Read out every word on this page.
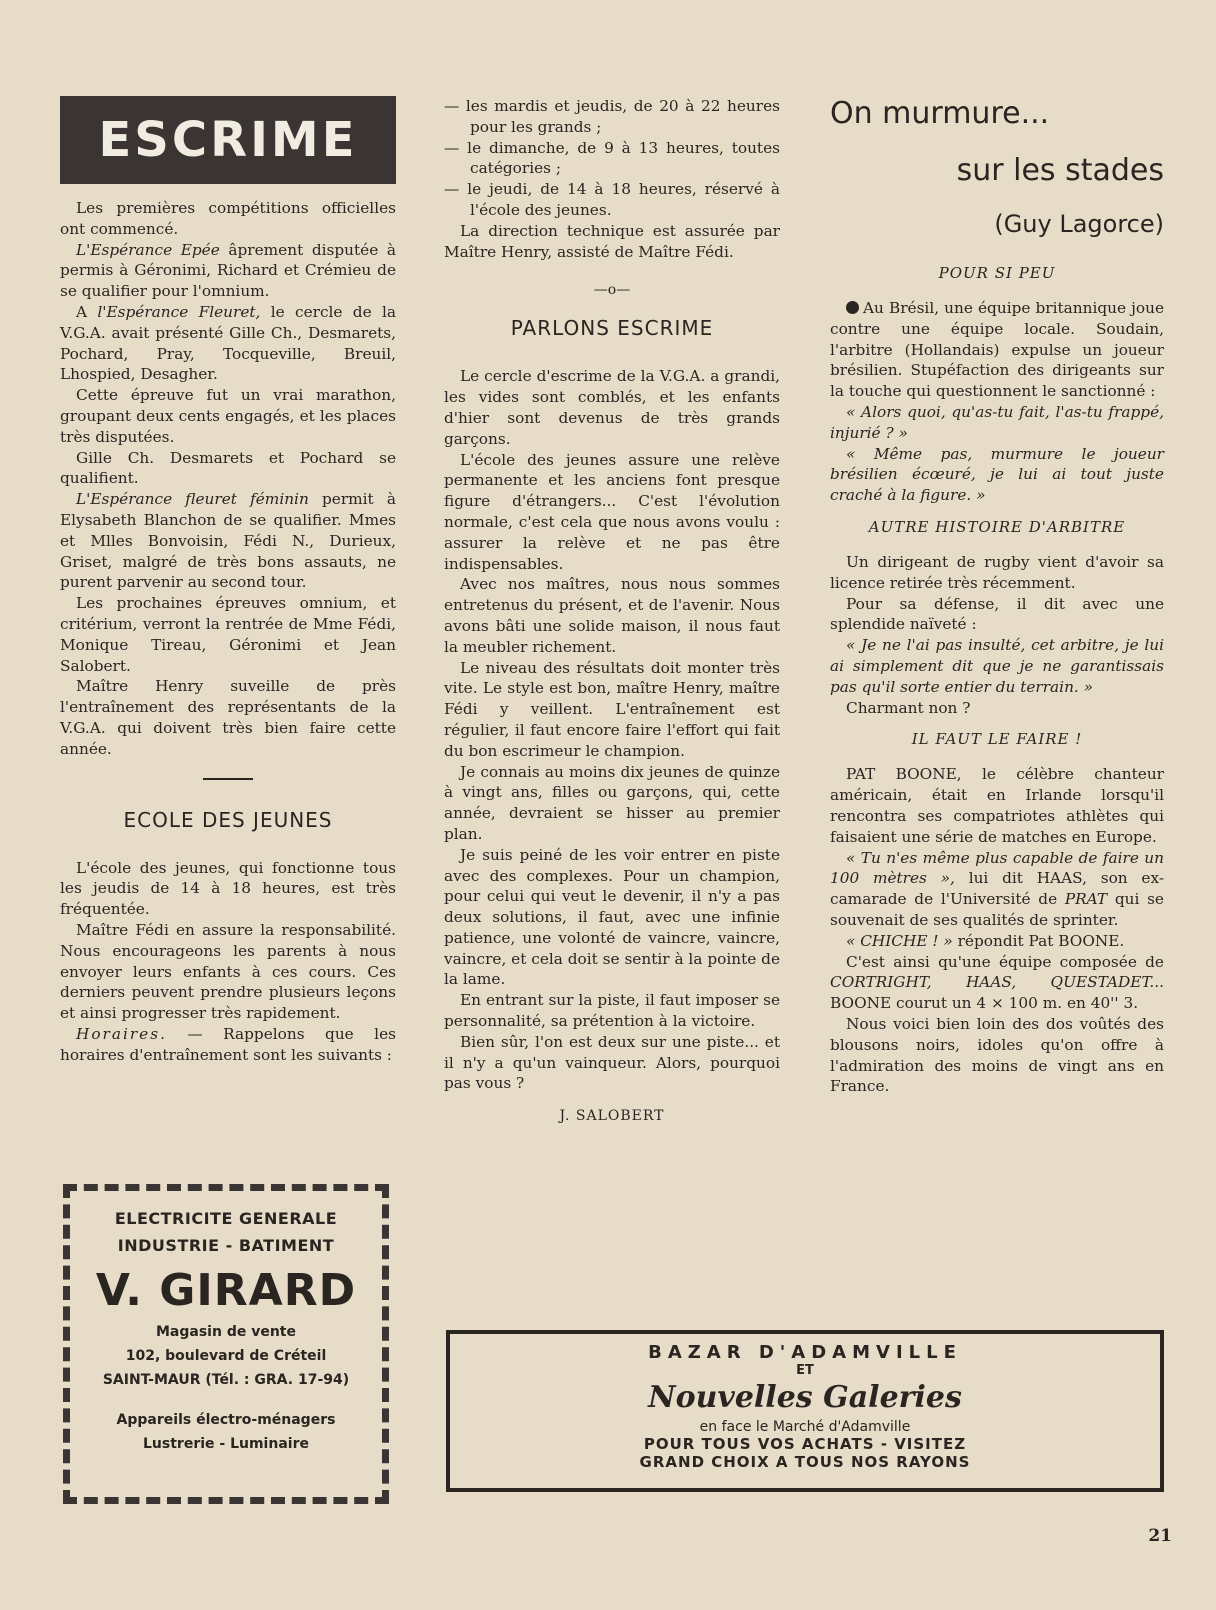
ESCRIME

Les premières compétitions officielles ont commencé.

L'Espérance Epée âprement disputée à permis à Géronimi, Richard et Crémieu de se qualifier pour l'omnium.

A l'Espérance Fleuret, le cercle de la V.G.A. avait présenté Gille Ch., Desmarets, Pochard, Pray, Tocqueville, Breuil, Lhospied, Desagher.

Cette épreuve fut un vrai marathon, groupant deux cents engagés, et les places très disputées.

Gille Ch. Desmarets et Pochard se qualifient.

L'Espérance fleuret féminin permit à Elysabeth Blanchon de se qualifier. Mmes et Mlles Bonvoisin, Fédi N., Durieux, Griset, malgré de très bons assauts, ne purent parvenir au second tour.

Les prochaines épreuves omnium, et critérium, verront la rentrée de Mme Fédi, Monique Tireau, Géronimi et Jean Salobert.

Maître Henry suveille de près l'entraînement des représentants de la V.G.A. qui doivent très bien faire cette année.

ECOLE DES JEUNES

L'école des jeunes, qui fonctionne tous les jeudis de 14 à 18 heures, est très fréquentée.

Maître Fédi en assure la responsabilité. Nous encourageons les parents à nous envoyer leurs enfants à ces cours. Ces derniers peuvent prendre plusieurs leçons et ainsi progresser très rapidement.

Horaires. — Rappelons que les horaires d'entraînement sont les suivants :

— les mardis et jeudis, de 20 à 22 heures pour les grands ;

— le dimanche, de 9 à 13 heures, toutes catégories ;

— le jeudi, de 14 à 18 heures, réservé à l'école des jeunes.

La direction technique est assurée par Maître Henry, assisté de Maître Fédi.

—o—
PARLONS ESCRIME

Le cercle d'escrime de la V.G.A. a grandi, les vides sont comblés, et les enfants d'hier sont devenus de très grands garçons.

L'école des jeunes assure une relève permanente et les anciens font presque figure d'étrangers... C'est l'évolution normale, c'est cela que nous avons voulu : assurer la relève et ne pas être indispensables.

Avec nos maîtres, nous nous sommes entretenus du présent, et de l'avenir. Nous avons bâti une solide maison, il nous faut la meubler richement.

Le niveau des résultats doit monter très vite. Le style est bon, maître Henry, maître Fédi y veillent. L'entraînement est régulier, il faut encore faire l'effort qui fait du bon escrimeur le champion.

Je connais au moins dix jeunes de quinze à vingt ans, filles ou garçons, qui, cette année, devraient se hisser au premier plan.

Je suis peiné de les voir entrer en piste avec des complexes. Pour un champion, pour celui qui veut le devenir, il n'y a pas deux solutions, il faut, avec une infinie patience, une volonté de vaincre, vaincre, vaincre, et cela doit se sentir à la pointe de la lame.

En entrant sur la piste, il faut imposer se personnalité, sa prétention à la victoire.

Bien sûr, l'on est deux sur une piste... et il n'y a qu'un vainqueur. Alors, pourquoi pas vous ?

J. SALOBERT
On murmure...
sur les stades
(Guy Lagorce)
POUR SI PEU

Au Brésil, une équipe britannique joue contre une équipe locale. Soudain, l'arbitre (Hollandais) expulse un joueur brésilien. Stupéfaction des dirigeants sur la touche qui questionnent le sanctionné :

« Alors quoi, qu'as-tu fait, l'as-tu frappé, injurié ? »

« Même pas, murmure le joueur brésilien écœuré, je lui ai tout juste craché à la figure. »

AUTRE HISTOIRE D'ARBITRE

Un dirigeant de rugby vient d'avoir sa licence retirée très récemment.

Pour sa défense, il dit avec une splendide naïveté :

« Je ne l'ai pas insulté, cet arbitre, je lui ai simplement dit que je ne garantissais pas qu'il sorte entier du terrain. »

Charmant non ?

IL FAUT LE FAIRE !

PAT BOONE, le célèbre chanteur américain, était en Irlande lorsqu'il rencontra ses compatriotes athlètes qui faisaient une série de matches en Europe.

« Tu n'es même plus capable de faire un 100 mètres », lui dit HAAS, son ex-camarade de l'Université de PRAT qui se souvenait de ses qualités de sprinter.

« CHICHE ! » répondit Pat BOONE.

C'est ainsi qu'une équipe composée de CORTRIGHT, HAAS, QUESTADET... BOONE courut un 4 × 100 m. en 40'' 3.

Nous voici bien loin des dos voûtés des blousons noirs, idoles qu'on offre à l'admiration des moins de vingt ans en France.

ELECTRICITE GENERALE
INDUSTRIE - BATIMENT
V. GIRARD
Magasin de vente
102, boulevard de Créteil
SAINT-MAUR (Tél. : GRA. 17-94)
Appareils électro-ménagers
Lustrerie - Luminaire
BAZAR D'ADAMVILLE
ET
Nouvelles Galeries
en face le Marché d'Adamville
POUR TOUS VOS ACHATS - VISITEZ
GRAND CHOIX A TOUS NOS RAYONS
21
